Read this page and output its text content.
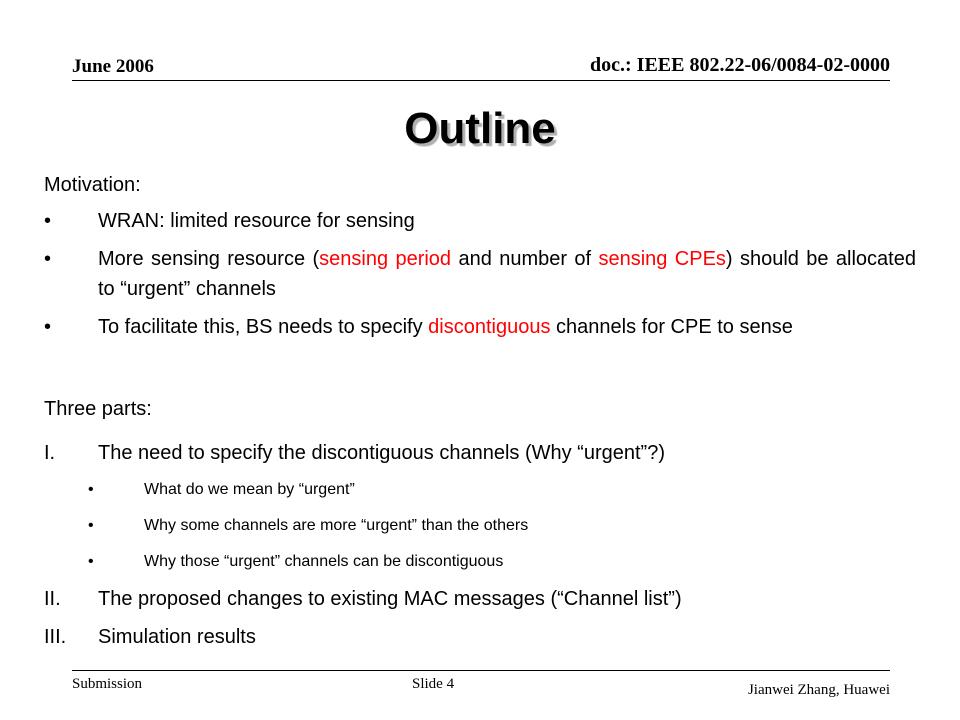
June 2006	doc.: IEEE 802.22-06/0084-02-0000
Outline
Motivation:
•	WRAN: limited resource for sensing
•	More sensing resource (sensing period and number of sensing CPEs) should be allocated to “urgent” channels
•	To facilitate this, BS needs to specify discontiguous channels for CPE to sense
Three parts:
I.	The need to specify the discontiguous channels (Why “urgent”?)
•	What do we mean by “urgent”
•	Why some channels are more “urgent” than the others
•	Why those “urgent” channels can be discontiguous
II.	The proposed changes to existing MAC messages (“Channel list”)
III.	Simulation results
Submission	Slide 4	Jianwei Zhang, Huawei
